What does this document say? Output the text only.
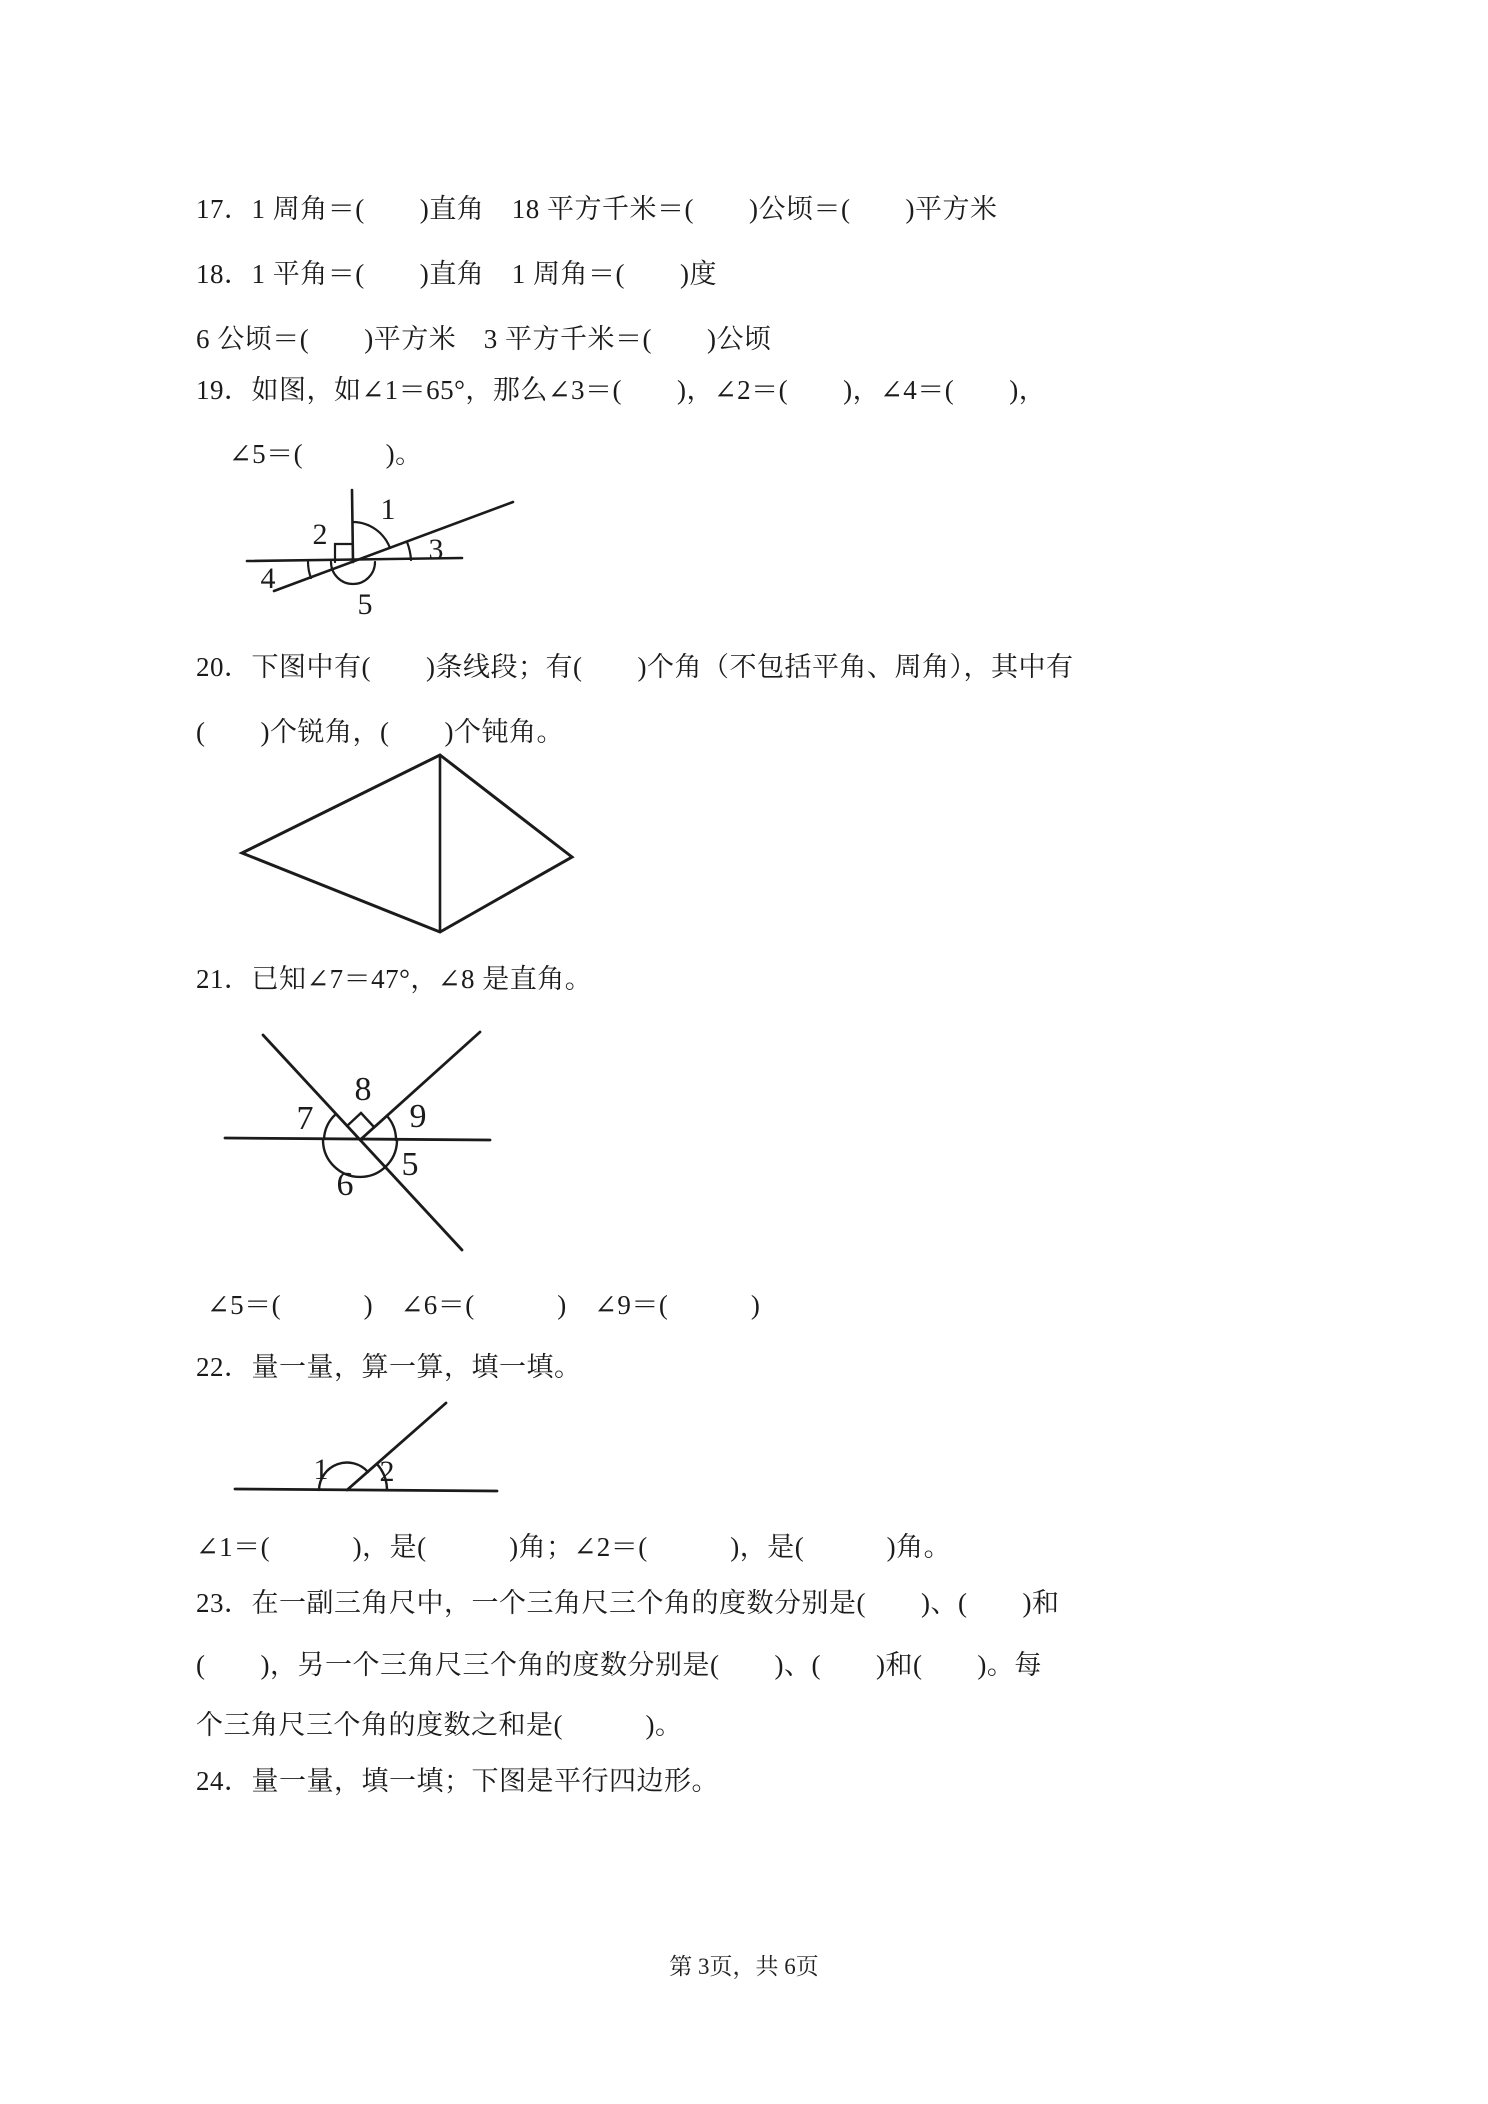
17．1 周角＝(　　)直角　18 平方千米＝(　　)公顷＝(　　)平方米
18．1 平角＝(　　)直角　1 周角＝(　　)度
6 公顷＝(　　)平方米　3 平方千米＝(　　)公顷
19．如图，如∠1＝65°，那么∠3＝(　　)，∠2＝(　　)，∠4＝(　　)，
∠5＝(　　　)。
20．下图中有(　　)条线段；有(　　)个角（不包括平角、周角），其中有
(　　)个锐角，(　　)个钝角。
21．已知∠7＝47°，∠8 是直角。
∠5＝(　　　)　∠6＝(　　　)　∠9＝(　　　)
22．量一量，算一算，填一填。
∠1＝(　　　)，是(　　　)角；∠2＝(　　　)，是(　　　)角。
23．在一副三角尺中，一个三角尺三个角的度数分别是(　　)、(　　)和
(　　)，另一个三角尺三个角的度数分别是(　　)、(　　)和(　　)。每
个三角尺三个角的度数之和是(　　　)。
24．量一量，填一填；下图是平行四边形。
1
2	3
4
5
7
8
9
6
5
1 2
第 3页，共 6页
